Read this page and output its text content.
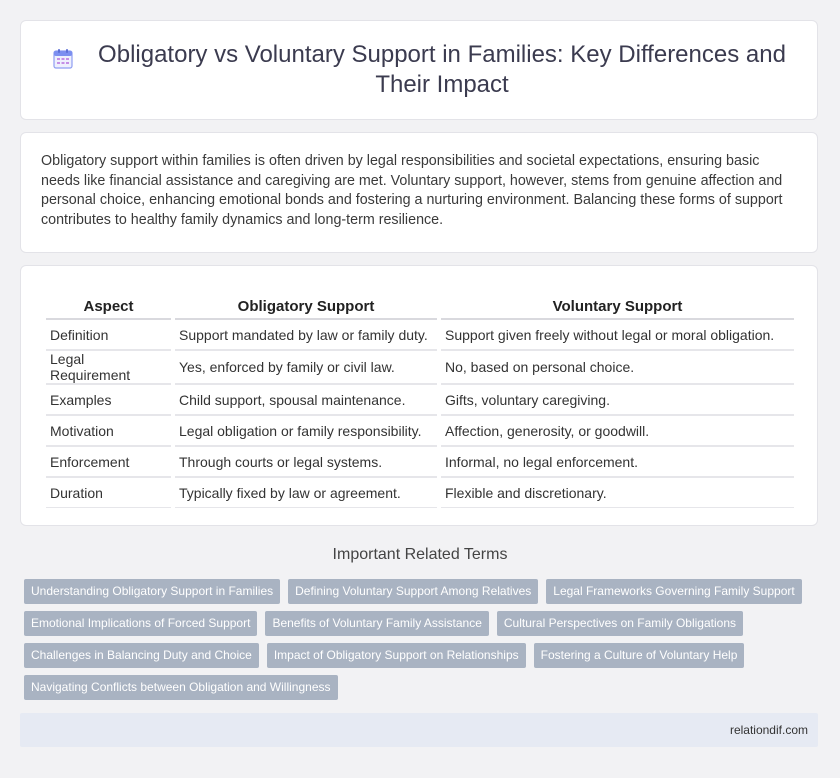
Obligatory vs Voluntary Support in Families: Key Differences and Their Impact

Obligatory support within families is often driven by legal responsibilities and societal expectations, ensuring basic needs like financial assistance and caregiving are met. Voluntary support, however, stems from genuine affection and personal choice, enhancing emotional bonds and fostering a nurturing environment. Balancing these forms of support contributes to healthy family dynamics and long-term resilience.

Aspect	Obligatory Support	Voluntary Support
Definition	Support mandated by law or family duty.	Support given freely without legal or moral obligation.
Legal Requirement	Yes, enforced by family or civil law.	No, based on personal choice.
Examples	Child support, spousal maintenance.	Gifts, voluntary caregiving.
Motivation	Legal obligation or family responsibility.	Affection, generosity, or goodwill.
Enforcement	Through courts or legal systems.	Informal, no legal enforcement.
Duration	Typically fixed by law or agreement.	Flexible and discretionary.
Important Related Terms
Understanding Obligatory Support in Families	Defining Voluntary Support Among Relatives	Legal Frameworks Governing Family Support
Emotional Implications of Forced Support	Benefits of Voluntary Family Assistance	Cultural Perspectives on Family Obligations
Challenges in Balancing Duty and Choice	Impact of Obligatory Support on Relationships	Fostering a Culture of Voluntary Help
Navigating Conflicts between Obligation and Willingness
relationdif.com
